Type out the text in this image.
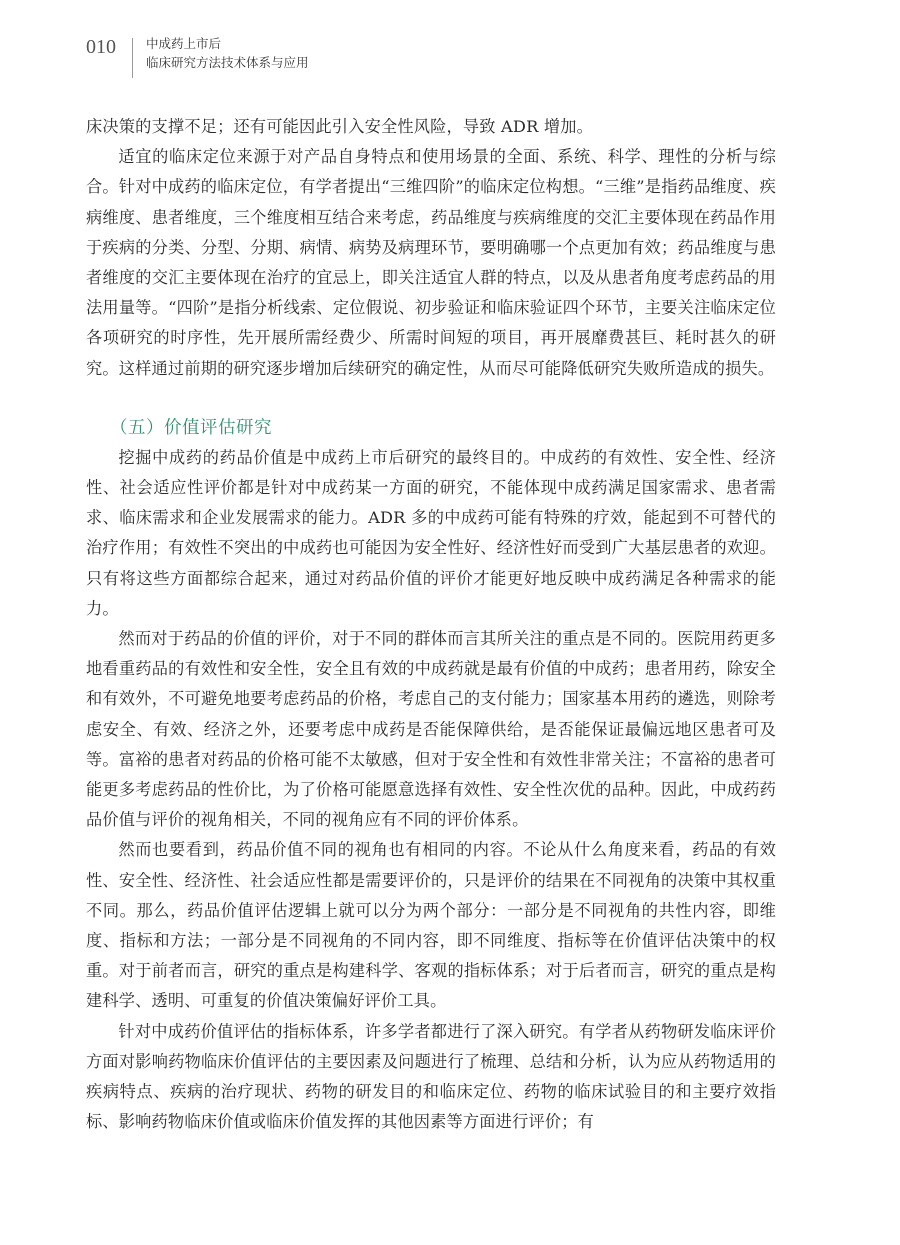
010	中成药上市后
临床研究方法技术体系与应用

床决策的支撑不足；还有可能因此引入安全性风险，导致 ADR 增加。

适宜的临床定位来源于对产品自身特点和使用场景的全面、系统、科学、理性的分析与综合。针对中成药的临床定位，有学者提出“三维四阶”的临床定位构想。“三维”是指药品维度、疾病维度、患者维度，三个维度相互结合来考虑，药品维度与疾病维度的交汇主要体现在药品作用于疾病的分类、分型、分期、病情、病势及病理环节，要明确哪一个点更加有效；药品维度与患者维度的交汇主要体现在治疗的宜忌上，即关注适宜人群的特点，以及从患者角度考虑药品的用法用量等。“四阶”是指分析线索、定位假说、初步验证和临床验证四个环节，主要关注临床定位各项研究的时序性，先开展所需经费少、所需时间短的项目，再开展靡费甚巨、耗时甚久的研究。这样通过前期的研究逐步增加后续研究的确定性，从而尽可能降低研究失败所造成的损失。

（五）价值评估研究

挖掘中成药的药品价值是中成药上市后研究的最终目的。中成药的有效性、安全性、经济性、社会适应性评价都是针对中成药某一方面的研究，不能体现中成药满足国家需求、患者需求、临床需求和企业发展需求的能力。ADR 多的中成药可能有特殊的疗效，能起到不可替代的治疗作用；有效性不突出的中成药也可能因为安全性好、经济性好而受到广大基层患者的欢迎。只有将这些方面都综合起来，通过对药品价值的评价才能更好地反映中成药满足各种需求的能力。

然而对于药品的价值的评价，对于不同的群体而言其所关注的重点是不同的。医院用药更多地看重药品的有效性和安全性，安全且有效的中成药就是最有价值的中成药；患者用药，除安全和有效外，不可避免地要考虑药品的价格，考虑自己的支付能力；国家基本用药的遴选，则除考虑安全、有效、经济之外，还要考虑中成药是否能保障供给，是否能保证最偏远地区患者可及等。富裕的患者对药品的价格可能不太敏感，但对于安全性和有效性非常关注；不富裕的患者可能更多考虑药品的性价比，为了价格可能愿意选择有效性、安全性次优的品种。因此，中成药药品价值与评价的视角相关，不同的视角应有不同的评价体系。

然而也要看到，药品价值不同的视角也有相同的内容。不论从什么角度来看，药品的有效性、安全性、经济性、社会适应性都是需要评价的，只是评价的结果在不同视角的决策中其权重不同。那么，药品价值评估逻辑上就可以分为两个部分：一部分是不同视角的共性内容，即维度、指标和方法；一部分是不同视角的不同内容，即不同维度、指标等在价值评估决策中的权重。对于前者而言，研究的重点是构建科学、客观的指标体系；对于后者而言，研究的重点是构建科学、透明、可重复的价值决策偏好评价工具。

针对中成药价值评估的指标体系，许多学者都进行了深入研究。有学者从药物研发临床评价方面对影响药物临床价值评估的主要因素及问题进行了梳理、总结和分析，认为应从药物适用的疾病特点、疾病的治疗现状、药物的研发目的和临床定位、药物的临床试验目的和主要疗效指标、影响药物临床价值或临床价值发挥的其他因素等方面进行评价；有
